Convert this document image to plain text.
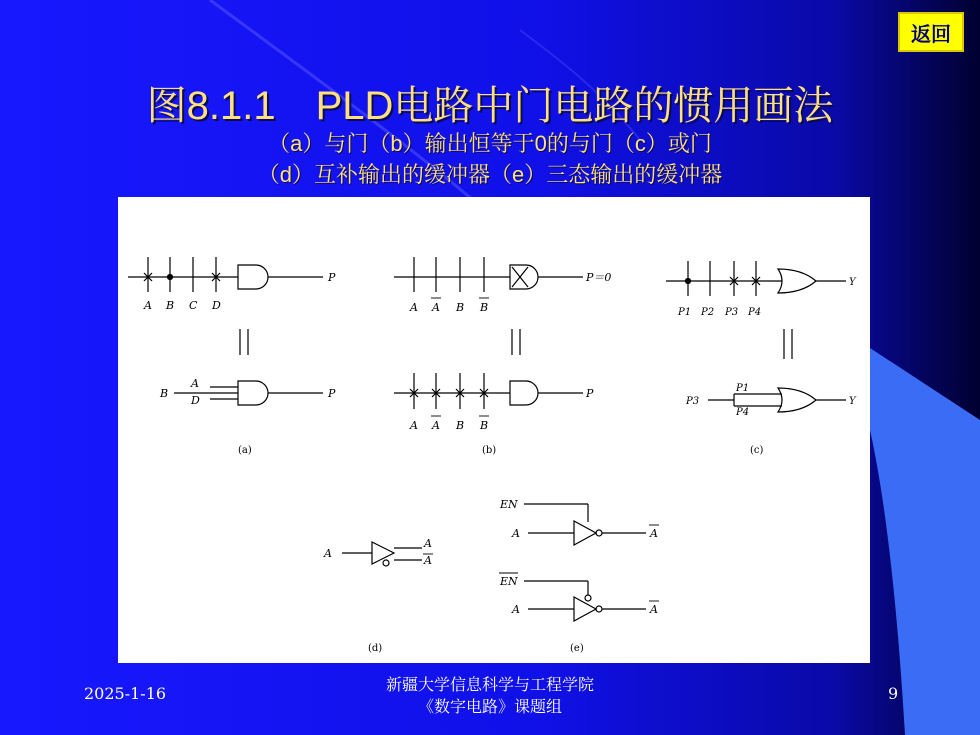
返回
图8.1.1　PLD电路中门电路的惯用画法
（a）与门（b）输出恒等于0的与门（c）或门
（d）互补输出的缓冲器（e）三态输出的缓冲器
A B C D
P
B
A
D
P
(a)
A A B B
P＝0
A A B B
P
(b)
P1 P2 P3 P4
Y
P3
P1
P4
Y
(c)
A
A
A
(d)
EN
A	A
EN
A	A
(e)
2025-1-16	新疆大学信息科学与工程学院
《数字电路》课题组
9
